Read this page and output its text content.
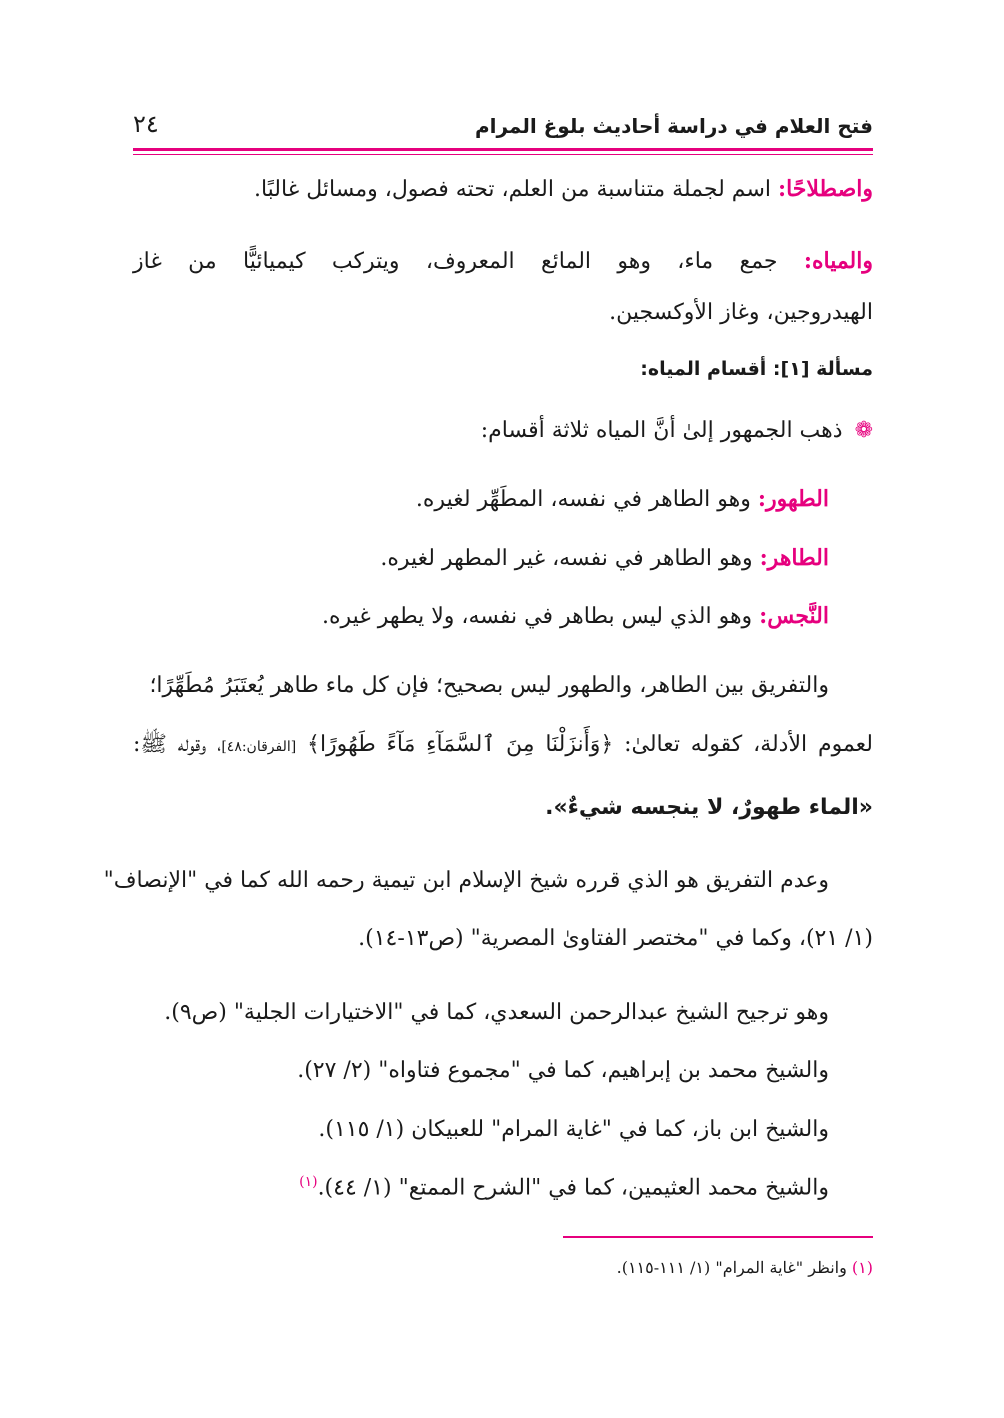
فتح العلام في دراسة أحاديث بلوغ المرام
٢٤
واصطلاحًا: اسم لجملة متناسبة من العلم، تحته فصول، ومسائل غالبًا.
والمياه: جمع ماء، وهو المائع المعروف، ويتركب كيميائيًّا من غاز
الهيدروجين، وغاز الأوكسجين.
مسألة [١]: أقسام المياه:
❁ذهب الجمهور إلىٰ أنَّ المياه ثلاثة أقسام:
الطهور: وهو الطاهر في نفسه، المطَهِّر لغيره.
الطاهر: وهو الطاهر في نفسه، غير المطهر لغيره.
النَّجس: وهو الذي ليس بطاهر في نفسه، ولا يطهر غيره.
والتفريق بين الطاهر، والطهور ليس بصحيح؛ فإن كل ماء طاهر يُعتَبَرُ مُطَهِّرًا؛
لعموم الأدلة، كقوله تعالىٰ: ﴿وَأَنزَلْنَا مِنَ ٱلسَّمَآءِ مَآءً طَهُورًا﴾ [الفرقان:٤٨]، وقوله ﷺ:
«الماء طهورٌ، لا ينجسه شيءٌ».
وعدم التفريق هو الذي قرره شيخ الإسلام ابن تيمية رحمه الله كما في "الإنصاف"
(١/ ٢١)، وكما في "مختصر الفتاوىٰ المصرية" (ص١٣-١٤).
وهو ترجيح الشيخ عبدالرحمن السعدي، كما في "الاختيارات الجلية" (ص٩).
والشيخ محمد بن إبراهيم، كما في "مجموع فتاواه" (٢/ ٢٧).
والشيخ ابن باز، كما في "غاية المرام" للعبيكان (١/ ١١٥).
والشيخ محمد العثيمين، كما في "الشرح الممتع" (١/ ٤٤).$^{(١)}$
(١) وانظر "غاية المرام" (١/ ١١١-١١٥).
